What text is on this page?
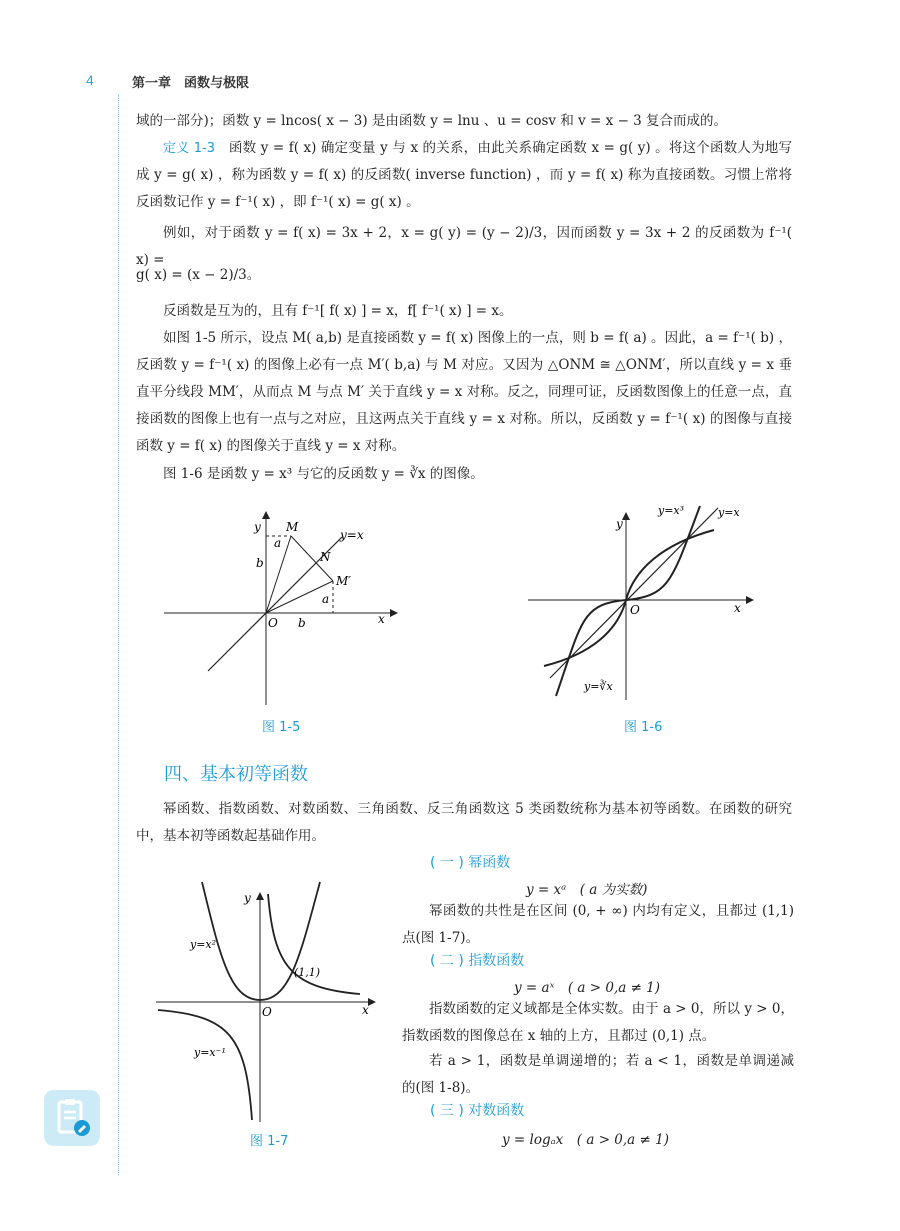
4	第一章　函数与极限
域的一部分)；函数 y = lncos( x − 3) 是由函数 y = lnu 、u = cosv 和 v = x − 3 复合而成的。
定义 1-3　函数 y = f( x) 确定变量 y 与 x 的关系，由此关系确定函数 x = g( y) 。将这个函数人为地写成 y = g( x) ，称为函数 y = f( x) 的反函数( inverse function) ，而 y = f( x) 称为直接函数。习惯上常将反函数记作 y = f⁻¹( x) ，即 f⁻¹( x) = g( x) 。
例如，对于函数 y = f( x) = 3x + 2，x = g( y) = (y − 2)/3，因而函数 y = 3x + 2 的反函数为 f⁻¹( x) =
g( x) = (x − 2)/3。
反函数是互为的，且有 f⁻¹[ f( x) ] = x，f[ f⁻¹( x) ] = x。
如图 1-5 所示，设点 M( a,b) 是直接函数 y = f( x) 图像上的一点，则 b = f( a) 。因此，a = f⁻¹( b) ，反函数 y = f⁻¹( x) 的图像上必有一点 M′( b,a) 与 M 对应。又因为 △ONM ≅ △ONM′，所以直线 y = x 垂直平分线段 MM′，从而点 M 与点 M′ 关于直线 y = x 对称。反之，同理可证，反函数图像上的任意一点，直接函数的图像上也有一点与之对应，且这两点关于直线 y = x 对称。所以，反函数 y = f⁻¹( x) 的图像与直接函数 y = f( x) 的图像关于直线 y = x 对称。
图 1-6 是函数 y = x³ 与它的反函数 y = ∛x 的图像。
y
x
O
M
M′
N
y=x
a
b
a
b
图 1-5
y
x
O
y=x³	y=x
y=∛x
图 1-6
四、基本初等函数
幂函数、指数函数、对数函数、三角函数、反三角函数这 5 类函数统称为基本初等函数。在函数的研究中，基本初等函数起基础作用。
y
x
O
y=x²
y=x⁻¹
(1,1)
图 1-7
( 一 ) 幂函数
y = xᵃ　( a 为实数)
幂函数的共性是在区间 (0, + ∞) 内均有定义，且都过 (1,1) 点(图 1-7)。
( 二 ) 指数函数
y = aˣ　( a > 0,a ≠ 1)
指数函数的定义域都是全体实数。由于 a > 0，所以 y > 0，指数函数的图像总在 x 轴的上方，且都过 (0,1) 点。
若 a > 1，函数是单调递增的；若 a < 1，函数是单调递减的(图 1-8)。
( 三 ) 对数函数
y = logₐx　( a > 0,a ≠ 1)
